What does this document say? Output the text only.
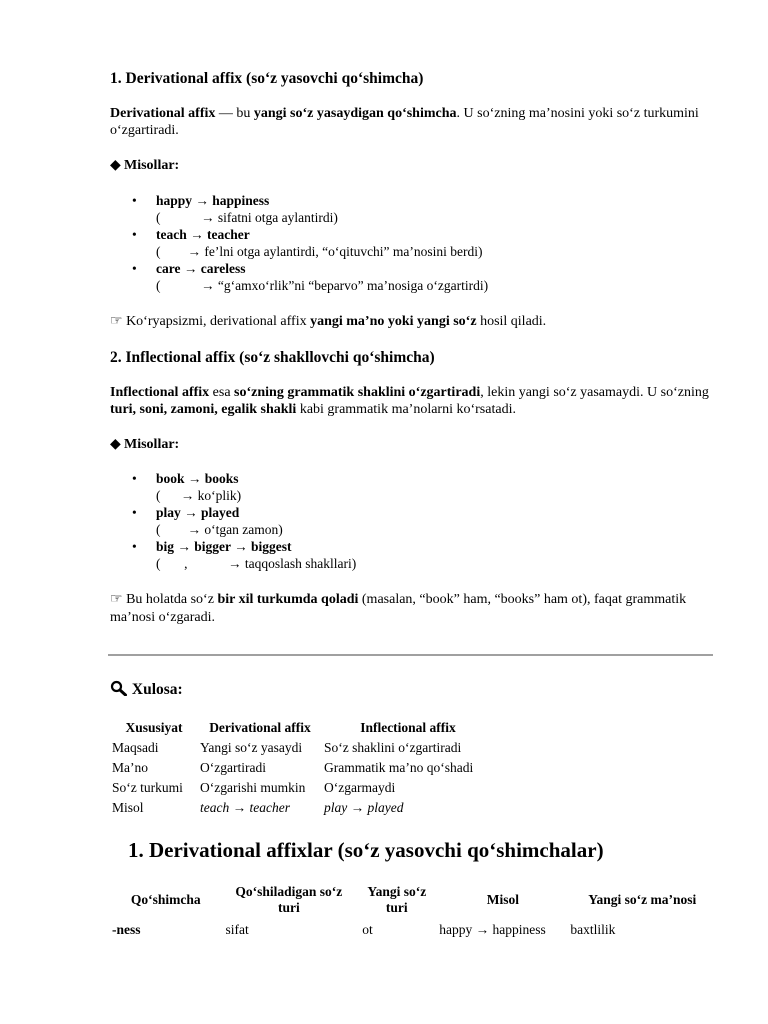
1. Derivational affix (so‘z yasovchi qo‘shimcha)

Derivational affix — bu yangi so‘z yasaydigan qo‘shimcha. U so‘zning ma’nosini yoki so‘z turkumini o‘zgartiradi.

◆ Misollar:
• happy → happiness
(            → sifatni otga aylantirdi)
• teach → teacher
(        → fe’lni otga aylantirdi, “o‘qituvchi” ma’nosini berdi)
• care → careless
(            → “g‘amxo‘rlik”ni “beparvo” ma’nosiga o‘zgartirdi)
☞ Ko‘ryapsizmi, derivational affix yangi ma’no yoki yangi so‘z hosil qiladi.
2. Inflectional affix (so‘z shakllovchi qo‘shimcha)

Inflectional affix esa so‘zning grammatik shaklini o‘zgartiradi, lekin yangi so‘z yasamaydi. U so‘zning turi, soni, zamoni, egalik shakli kabi grammatik ma’nolarni ko‘rsatadi.

◆ Misollar:
• book → books
(      → ko‘plik)
• play → played
(        → o‘tgan zamon)
• big → bigger → biggest
(       ,            → taqqoslash shakllari)
☞ Bu holatda so‘z bir xil turkumda qoladi (masalan, “book” ham, “books” ham ot), faqat grammatik ma’nosi o‘zgaradi.
Xulosa:
Xususiyat	Derivational affix	Inflectional affix
Maqsadi	Yangi so‘z yasaydi	So‘z shaklini o‘zgartiradi
Ma’no	O‘zgartiradi	Grammatik ma’no qo‘shadi
So‘z turkumi	O‘zgarishi mumkin	O‘zgarmaydi
Misol	teach → teacher	play → played
1. Derivational affixlar (so‘z yasovchi qo‘shimchalar)
Qo‘shimcha	Qo‘shiladigan so‘z turi	Yangi so‘z turi	Misol	Yangi so‘z ma’nosi
-ness	sifat	ot	happy → happiness	baxtlilik
